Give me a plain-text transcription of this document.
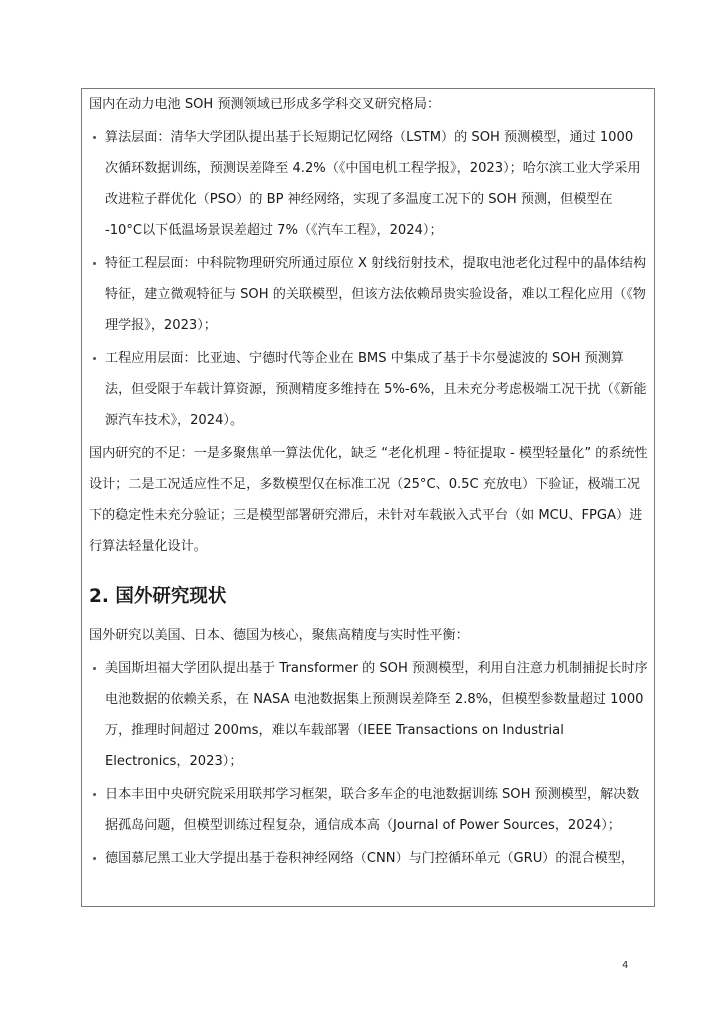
国内在动力电池 SOH 预测领域已形成多学科交叉研究格局：

算法层面：清华大学团队提出基于长短期记忆网络（LSTM）的 SOH 预测模型，通过 1000 次循环数据训练，预测误差降至 4.2%（《中国电机工程学报》，2023）；哈尔滨工业大学采用改进粒子群优化（PSO）的 BP 神经网络，实现了多温度工况下的 SOH 预测，但模型在 -10°C以下低温场景误差超过 7%（《汽车工程》，2024）；
特征工程层面：中科院物理研究所通过原位 X 射线衍射技术，提取电池老化过程中的晶体结构特征，建立微观特征与 SOH 的关联模型，但该方法依赖昂贵实验设备，难以工程化应用（《物理学报》，2023）；
工程应用层面：比亚迪、宁德时代等企业在 BMS 中集成了基于卡尔曼滤波的 SOH 预测算法，但受限于车载计算资源，预测精度多维持在 5%-6%，且未充分考虑极端工况干扰（《新能源汽车技术》，2024）。

国内研究的不足：一是多聚焦单一算法优化，缺乏 “老化机理 - 特征提取 - 模型轻量化” 的系统性设计；二是工况适应性不足，多数模型仅在标准工况（25°C、0.5C 充放电）下验证，极端工况下的稳定性未充分验证；三是模型部署研究滞后，未针对车载嵌入式平台（如 MCU、FPGA）进行算法轻量化设计。

2. 国外研究现状

国外研究以美国、日本、德国为核心，聚焦高精度与实时性平衡：

美国斯坦福大学团队提出基于 Transformer 的 SOH 预测模型，利用自注意力机制捕捉长时序电池数据的依赖关系，在 NASA 电池数据集上预测误差降至 2.8%，但模型参数量超过 1000 万，推理时间超过 200ms，难以车载部署（IEEE Transactions on Industrial Electronics，2023）；
日本丰田中央研究院采用联邦学习框架，联合多车企的电池数据训练 SOH 预测模型，解决数据孤岛问题，但模型训练过程复杂，通信成本高（Journal of Power Sources，2024）；
德国慕尼黑工业大学提出基于卷积神经网络（CNN）与门控循环单元（GRU）的混合模型，
4
